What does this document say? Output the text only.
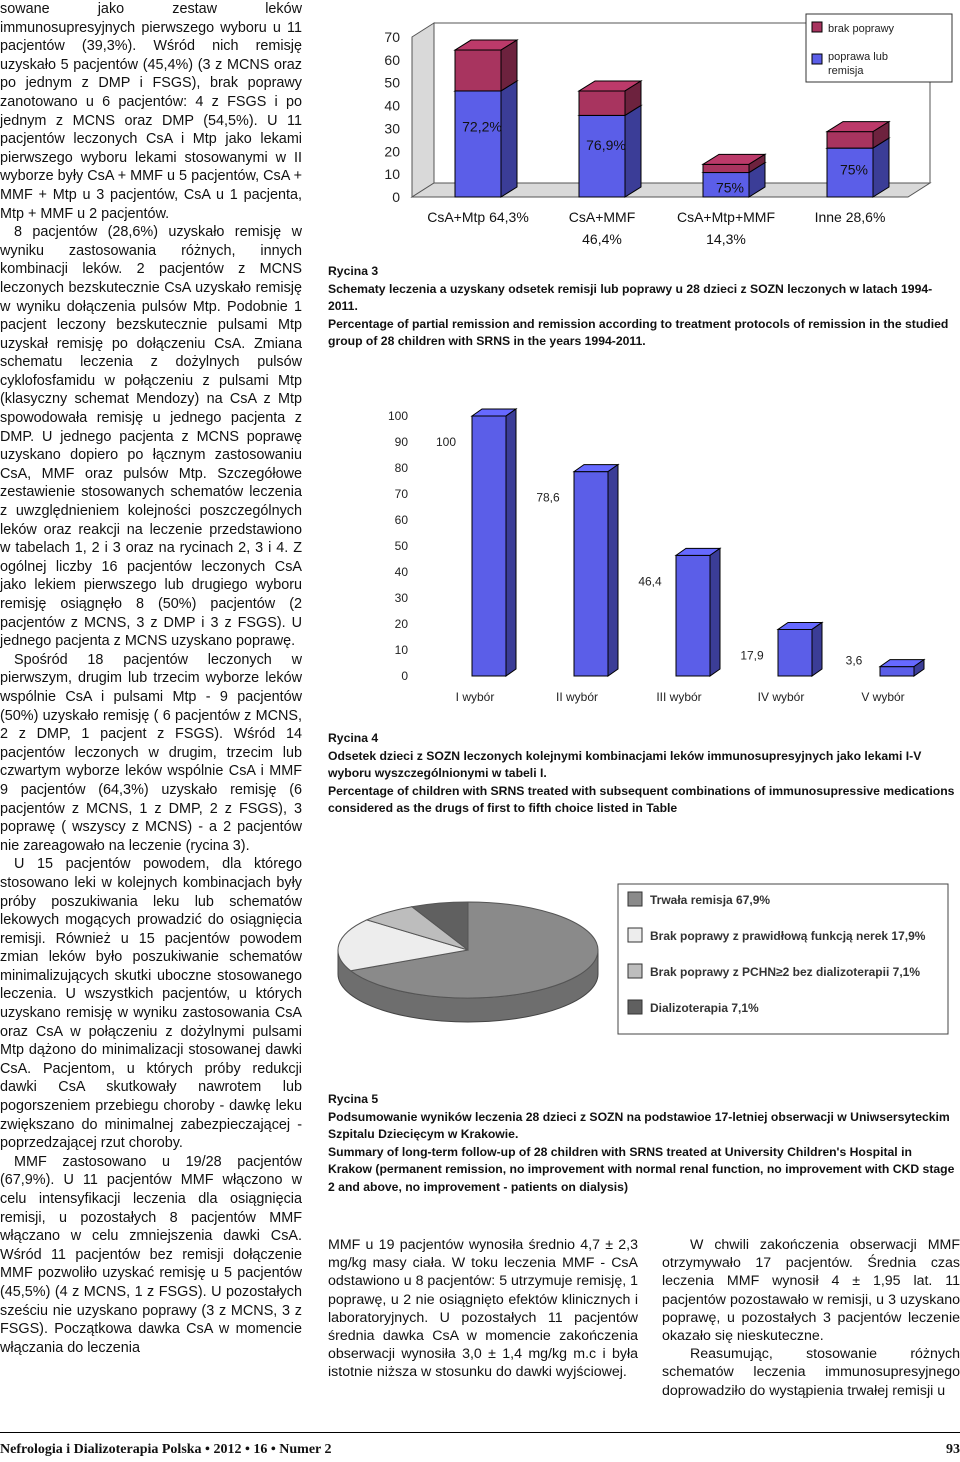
sowane jako zestaw leków immunosupresyjnych pierwszego wyboru u 11 pacjentów (39,3%). Wśród nich remisję uzyskało 5 pacjentów (45,4%) (3 z MCNS oraz po jednym z DMP i FSGS), brak poprawy zanotowano u 6 pacjentów: 4 z FSGS i po jednym z MCNS oraz DMP (54,5%). U 11 pacjentów leczonych CsA i Mtp jako lekami pierwszego wyboru lekami stosowanymi w II wyborze były CsA + MMF u 5 pacjentów, CsA + MMF + Mtp u 3 pacjentów, CsA u 1 pacjenta, Mtp + MMF u 2 pacjentów.

8 pacjentów (28,6%) uzyskało remisję w wyniku zastosowania różnych, innych kombinacji leków. 2 pacjentów z MCNS leczonych bezskutecznie CsA uzyskało remisję w wyniku dołączenia pulsów Mtp. Podobnie 1 pacjent leczony bezskutecznie pulsami Mtp uzyskał remisję po dołączeniu CsA. Zmiana schematu leczenia z dożylnych pulsów cyklofosfamidu w połączeniu z pulsami Mtp (klasyczny schemat Mendozy) na CsA z Mtp spowodowała remisję u jednego pacjenta z DMP. U jednego pacjenta z MCNS poprawę uzyskano dopiero po łącznym zastosowaniu CsA, MMF oraz pulsów Mtp. Szczegółowe zestawienie stosowanych schematów leczenia z uwzględnieniem kolejności poszczególnych leków oraz reakcji na leczenie przedstawiono w tabelach 1, 2 i 3 oraz na rycinach 2, 3 i 4. Z ogólnej liczby 16 pacjentów leczonych CsA jako lekiem pierwszego lub drugiego wyboru remisję osiągnęło 8 (50%) pacjentów (2 pacjentów z MCNS, 3 z DMP i 3 z FSGS). U jednego pacjenta z MCNS uzyskano poprawę.

Spośród 18 pacjentów leczonych w pierwszym, drugim lub trzecim wyborze leków wspólnie CsA i pulsami Mtp - 9 pacjentów (50%) uzyskało remisję ( 6 pacjentów z MCNS, 2 z DMP, 1 pacjent z FSGS). Wśród 14 pacjentów leczonych w drugim, trzecim lub czwartym wyborze leków wspólnie CsA i MMF 9 pacjentów (64,3%) uzyskało remisję (6 pacjentów z MCNS, 1 z DMP, 2 z FSGS), 3 poprawę ( wszyscy z MCNS) - a 2 pacjentów nie zareagowało na leczenie (rycina 3).

U 15 pacjentów powodem, dla którego stosowano leki w kolejnych kombinacjach były próby poszukiwania leku lub schematów lekowych mogących prowadzić do osiągnięcia remisji. Również u 15 pacjentów powodem zmian leków było poszukiwanie schematów minimalizujących skutki uboczne stosowanego leczenia. U wszystkich pacjentów, u których uzyskano remisję w wyniku zastosowania CsA oraz CsA w połączeniu z dożylnymi pulsami Mtp dążono do minimalizacji stosowanej dawki CsA. Pacjentom, u których próby redukcji dawki CsA skutkowały nawrotem lub pogorszeniem przebiegu choroby - dawkę leku zwiększano do minimalnej zabezpieczającej - poprzedzającej rzut choroby.

MMF zastosowano u 19/28 pacjentów (67,9%). U 11 pacjentów MMF włączono w celu intensyfikacji leczenia dla osiągnięcia remisji, u pozostałych 8 pacjentów MMF włączano w celu zmniejszenia dawki CsA. Wśród 11 pacjentów bez remisji dołączenie MMF pozwoliło uzyskać remisję u 5 pacjentów (45,5%) (4 z MCNS, 1 z FSGS). U pozostałych sześciu nie uzyskano poprawy (3 z MCNS, 3 z FSGS). Początkowa dawka CsA w momencie włączania do leczenia

0
10
20
30
40
50
60
70
72,2%
CsA+Mtp 64,3%
76,9%
CsA+MMF
46,4%
75%
CsA+Mtp+MMF
14,3%
75%
Inne 28,6%
brak poprawy
poprawa lub
remisja

Rycina 3

Schematy leczenia a uzyskany odsetek remisji lub poprawy u 28 dzieci z SOZN leczonych w latach 1994-2011.

Percentage of partial remission and remission according to treatment protocols of remission in the studied group of 28 children with SRNS in the years 1994-2011.

0
10
20
30
40
50
60
70
80
90
100
100
I wybór
78,6
II wybór
46,4
III wybór
17,9
IV wybór
3,6
V wybór

Rycina 4

Odsetek dzieci z SOZN leczonych kolejnymi kombinacjami leków immunosupresyjnych jako lekami I-V wyboru wyszczególnionymi w tabeli I.

Percentage of children with SRNS treated with subsequent combinations of immunosupressive medications considered as the drugs of first to fifth choice listed in Table

Trwała remisja 67,9%
Brak poprawy z prawidłową funkcją nerek 17,9%
Brak poprawy z PCHN≥2 bez dializoterapii 7,1%
Dializoterapia 7,1%

Rycina 5

Podsumowanie wyników leczenia 28 dzieci z SOZN na podstawioe 17-letniej obserwacji w Uniwsersyteckim Szpitalu Dziecięcym w Krakowie.

Summary of long-term follow-up of 28 children with SRNS treated at University Children's Hospital in Krakow (permanent remission, no improvement with normal renal function, no improvement with CKD stage 2 and above, no improvement - patients on dialysis)

MMF u 19 pacjentów wynosiła średnio 4,7 ± 2,3 mg/kg masy ciała. W toku leczenia MMF - CsA odstawiono u 8 pacjentów: 5 utrzymuje remisję, 1 poprawę, u 2 nie osiągnięto efektów klinicznych i laboratoryjnych. U pozostałych 11 pacjentów średnia dawka CsA w momencie zakończenia obserwacji wynosiła 3,0 ± 1,4 mg/kg m.c i była istotnie niższa w stosunku do dawki wyjściowej.

W chwili zakończenia obserwacji MMF otrzymywało 17 pacjentów. Średnia czas leczenia MMF wynosił 4 ± 1,95 lat. 11 pacjentów pozostawało w remisji, u 3 uzyskano poprawę, u pozostałych 3 pacjentów leczenie okazało się nieskuteczne.

Reasumując, stosowanie różnych schematów leczenia immunosupresyjnego doprowadziło do wystąpienia trwałej remisji u

Nefrologia i Dializoterapia Polska • 2012 • 16 • Numer 2	93
